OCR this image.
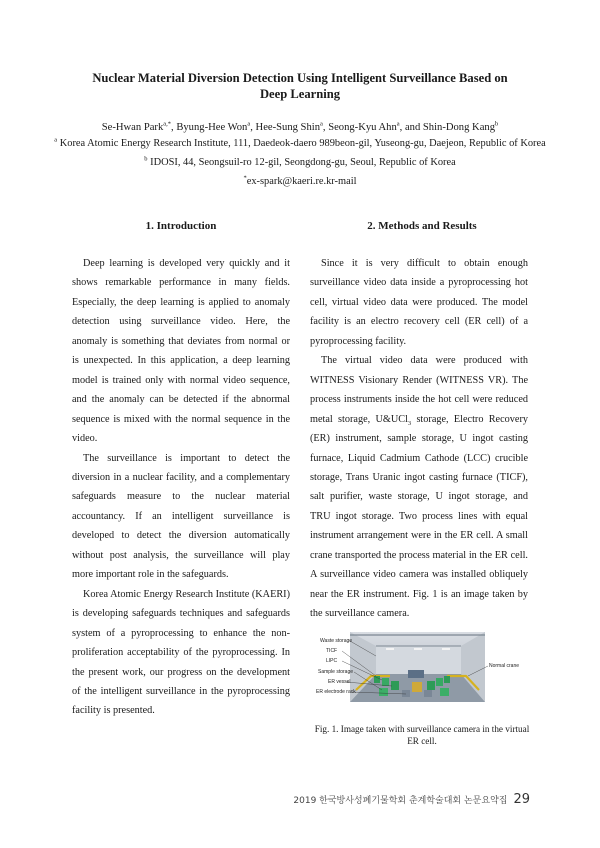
Nuclear Material Diversion Detection Using Intelligent Surveillance Based on
Deep Learning
Se-Hwan Park$^{a,*}$, Byung-Hee Won$^a$, Hee-Sung Shin$^a$, Seong-Kyu Ahn$^a$, and Shin-Dong Kang$^b$
$^a$ Korea Atomic Energy Research Institute, 111, Daedeok-daero 989beon-gil, Yuseong-gu, Daejeon, Republic of Korea
$^b$ IDOSI, 44, Seongsuil-ro 12-gil, Seongdong-gu, Seoul, Republic of Korea
*ex-spark@kaeri.re.kr-mail
1. Introduction	2. Methods and Results

Deep learning is developed very quickly and it shows remarkable performance in many fields. Especially, the deep learning is applied to anomaly detection using surveillance video. Here, the anomaly is something that deviates from normal or is unexpected. In this application, a deep learning model is trained only with normal video sequence, and the anomaly can be detected if the abnormal sequence is mixed with the normal sequence in the video.

The surveillance is important to detect the diversion in a nuclear facility, and a complementary safeguards measure to the nuclear material accountancy. If an intelligent surveillance is developed to detect the diversion automatically without post analysis, the surveillance will play more important role in the safeguards.

Korea Atomic Energy Research Institute (KAERI) is developing safeguards techniques and safeguards system of a pyroprocessing to enhance the non-proliferation acceptability of the pyroprocessing. In the present work, our progress on the development of the intelligent surveillance in the pyroprocessing facility is presented.

Since it is very difficult to obtain enough surveillance video data inside a pyroprocessing hot cell, virtual video data were produced. The model facility is an electro recovery cell (ER cell) of a pyroprocessing facility.

The virtual video data were produced with WITNESS Visionary Render (WITNESS VR). The process instruments inside the hot cell were reduced metal storage, U&UCl$_3$ storage, Electro Recovery (ER) instrument, sample storage, U ingot casting furnace, Liquid Cadmium Cathode (LCC) crucible storage, Trans Uranic ingot casting furnace (TICF), salt purifier, waste storage, U ingot storage, and TRU ingot storage. Two process lines with equal instrument arrangement were in the ER cell. A small crane transported the process material in the ER cell. A surveillance video camera was installed obliquely near the ER instrument. Fig. 1 is an image taken by the surveillance camera.

Waste storage
TICF
LIPC
Sample storage
ER vessel
ER electrode rack
Normal crane
Fig. 1. Image taken with surveillance camera in the virtual ER cell.
2019 한국방사성폐기물학회 춘계학술대회 논문요약집 29
